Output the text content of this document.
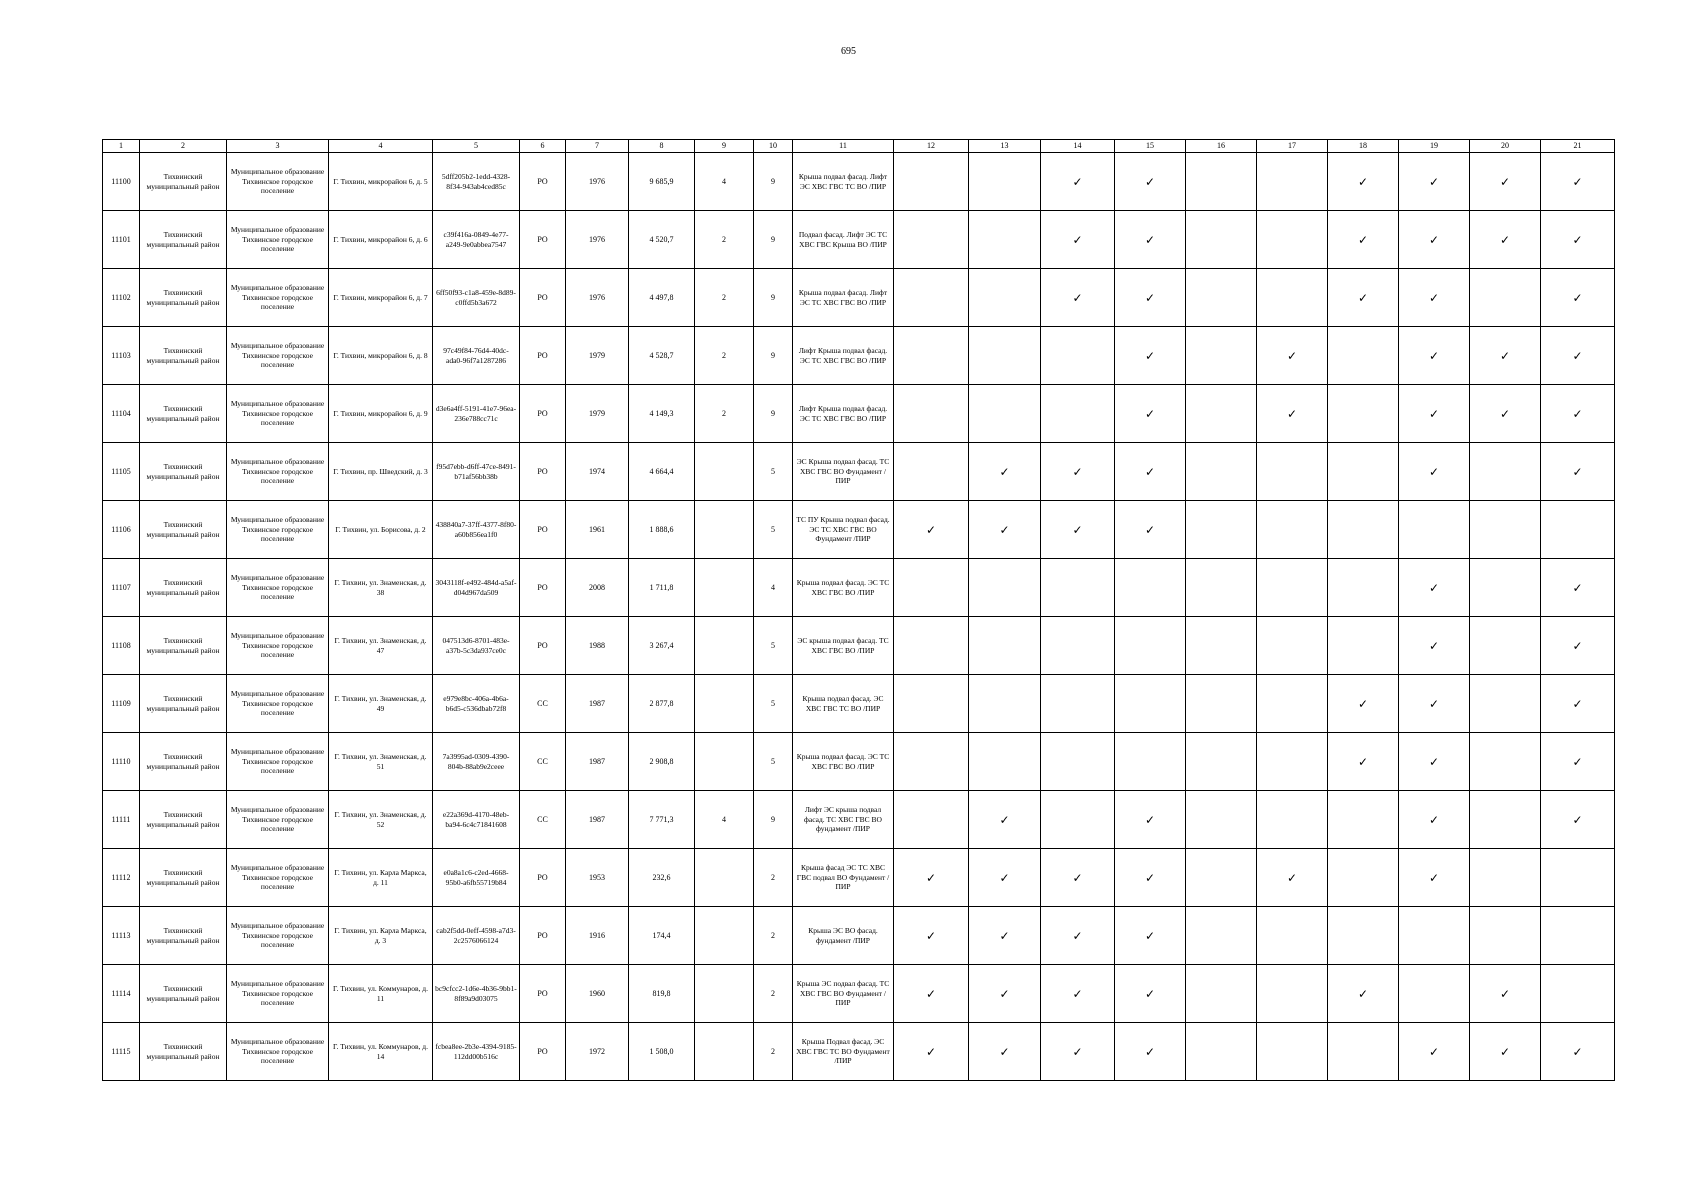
695
1	2	3	4	5	6	7	8	9	10	11	12	13	14	15	16	17	18	19	20	21
11100	Тихвинский муниципальный район	Муниципальное образование Тихвинское городское поселение	Г. Тихвин, микрорайон 6, д. 5	5dff205b2-1edd-4328-8f34-943ab4ced85c	РО	1976	9 685,9	4	9	Крыша подвал фасад. Лифт ЭС ХВС ГВС ТС ВО /ПИР			✓	✓			✓	✓	✓	✓
11101	Тихвинский муниципальный район	Муниципальное образование Тихвинское городское поселение	Г. Тихвин, микрорайон 6, д. 6	c39f416a-0849-4e77-a249-9e0abbea7547	РО	1976	4 520,7	2	9	Подвал фасад. Лифт ЭС ТС ХВС ГВС Крыша ВО /ПИР			✓	✓			✓	✓	✓	✓
11102	Тихвинский муниципальный район	Муниципальное образование Тихвинское городское поселение	Г. Тихвин, микрорайон 6, д. 7	6ff50f93-c1a8-459e-8d89-c0ffd5b3a672	РО	1976	4 497,8	2	9	Крыша подвал фасад. Лифт ЭС ТС ХВС ГВС ВО /ПИР			✓	✓			✓	✓		✓
11103	Тихвинский муниципальный район	Муниципальное образование Тихвинское городское поселение	Г. Тихвин, микрорайон 6, д. 8	97c49f84-76d4-40dc-ada0-96f7a1287286	РО	1979	4 528,7	2	9	Лифт Крыша подвал фасад. ЭС ТС ХВС ГВС ВО /ПИР				✓		✓		✓	✓	✓
11104	Тихвинский муниципальный район	Муниципальное образование Тихвинское городское поселение	Г. Тихвин, микрорайон 6, д. 9	d3e6a4ff-5191-41e7-96ea-236e788cc71c	РО	1979	4 149,3	2	9	Лифт Крыша подвал фасад. ЭС ТС ХВС ГВС ВО /ПИР				✓		✓		✓	✓	✓
11105	Тихвинский муниципальный район	Муниципальное образование Тихвинское городское поселение	Г. Тихвин, пр. Шведский, д. 3	f95d7ebb-d6ff-47ce-8491-b71af56bb38b	РО	1974	4 664,4		5	ЭС Крыша подвал фасад. ТС ХВС ГВС ВО Фундамент /ПИР		✓	✓	✓				✓		✓
11106	Тихвинский муниципальный район	Муниципальное образование Тихвинское городское поселение	Г. Тихвин, ул. Борисова, д. 2	438840a7-37ff-4377-8f80-a60b856ea1f0	РО	1961	1 888,6		5	ТС ПУ Крыша подвал фасад. ЭС ТС ХВС ГВС ВО Фундамент /ПИР	✓	✓	✓	✓						
11107	Тихвинский муниципальный район	Муниципальное образование Тихвинское городское поселение	Г. Тихвин, ул. Знаменская, д. 38	3043118f-e492-484d-a5af-d04d967da509	РО	2008	1 711,8		4	Крыша подвал фасад. ЭС ТС ХВС ГВС ВО /ПИР								✓		✓
11108	Тихвинский муниципальный район	Муниципальное образование Тихвинское городское поселение	Г. Тихвин, ул. Знаменская, д. 47	047513d6-8701-483e-a37b-5c3da937ce0c	РО	1988	3 267,4		5	ЭС крыша подвал фасад. ТС ХВС ГВС ВО /ПИР								✓		✓
11109	Тихвинский муниципальный район	Муниципальное образование Тихвинское городское поселение	Г. Тихвин, ул. Знаменская, д. 49	e979e8bc-406a-4b6a-b6d5-c536dbab72f8	СС	1987	2 877,8		5	Крыша подвал фасад. ЭС ХВС ГВС ТС ВО /ПИР							✓	✓		✓
11110	Тихвинский муниципальный район	Муниципальное образование Тихвинское городское поселение	Г. Тихвин, ул. Знаменская, д. 51	7a3995ad-0309-4390-804b-88ab9e2ceee	СС	1987	2 908,8		5	Крыша подвал фасад. ЭС ТС ХВС ГВС ВО /ПИР							✓	✓		✓
11111	Тихвинский муниципальный район	Муниципальное образование Тихвинское городское поселение	Г. Тихвин, ул. Знаменская, д. 52	e22a369d-4170-48eb-ba94-6c4c71841608	СС	1987	7 771,3	4	9	Лифт ЭС крыша подвал фасад. ТС ХВС ГВС ВО фундамент /ПИР		✓		✓				✓		✓
11112	Тихвинский муниципальный район	Муниципальное образование Тихвинское городское поселение	Г. Тихвин, ул. Карла Маркса, д. 11	e0a8a1c6-c2ed-4668-95b0-a6fb55719b84	РО	1953	232,6		2	Крыша фасад ЭС ТС ХВС ГВС подвал ВО Фундамент /ПИР	✓	✓	✓	✓		✓		✓		
11113	Тихвинский муниципальный район	Муниципальное образование Тихвинское городское поселение	Г. Тихвин, ул. Карла Маркса, д. 3	cab2f5dd-0eff-4598-a7d3-2c2576066124	РО	1916	174,4		2	Крыша ЭС ВО фасад. фундамент /ПИР	✓	✓	✓	✓						
11114	Тихвинский муниципальный район	Муниципальное образование Тихвинское городское поселение	Г. Тихвин, ул. Коммунаров, д. 11	bc9cfcc2-1d6e-4b36-9bb1-8f89a9d03075	РО	1960	819,8		2	Крыша ЭС подвал фасад. ТС ХВС ГВС ВО Фундамент /ПИР	✓	✓	✓	✓			✓		✓	
11115	Тихвинский муниципальный район	Муниципальное образование Тихвинское городское поселение	Г. Тихвин, ул. Коммунаров, д. 14	fcbea8ee-2b3e-4394-9185-112dd00b516c	РО	1972	1 508,0		2	Крыша Подвал фасад. ЭС ХВС ГВС ТС ВО Фундамент /ПИР	✓	✓	✓	✓				✓	✓	✓
